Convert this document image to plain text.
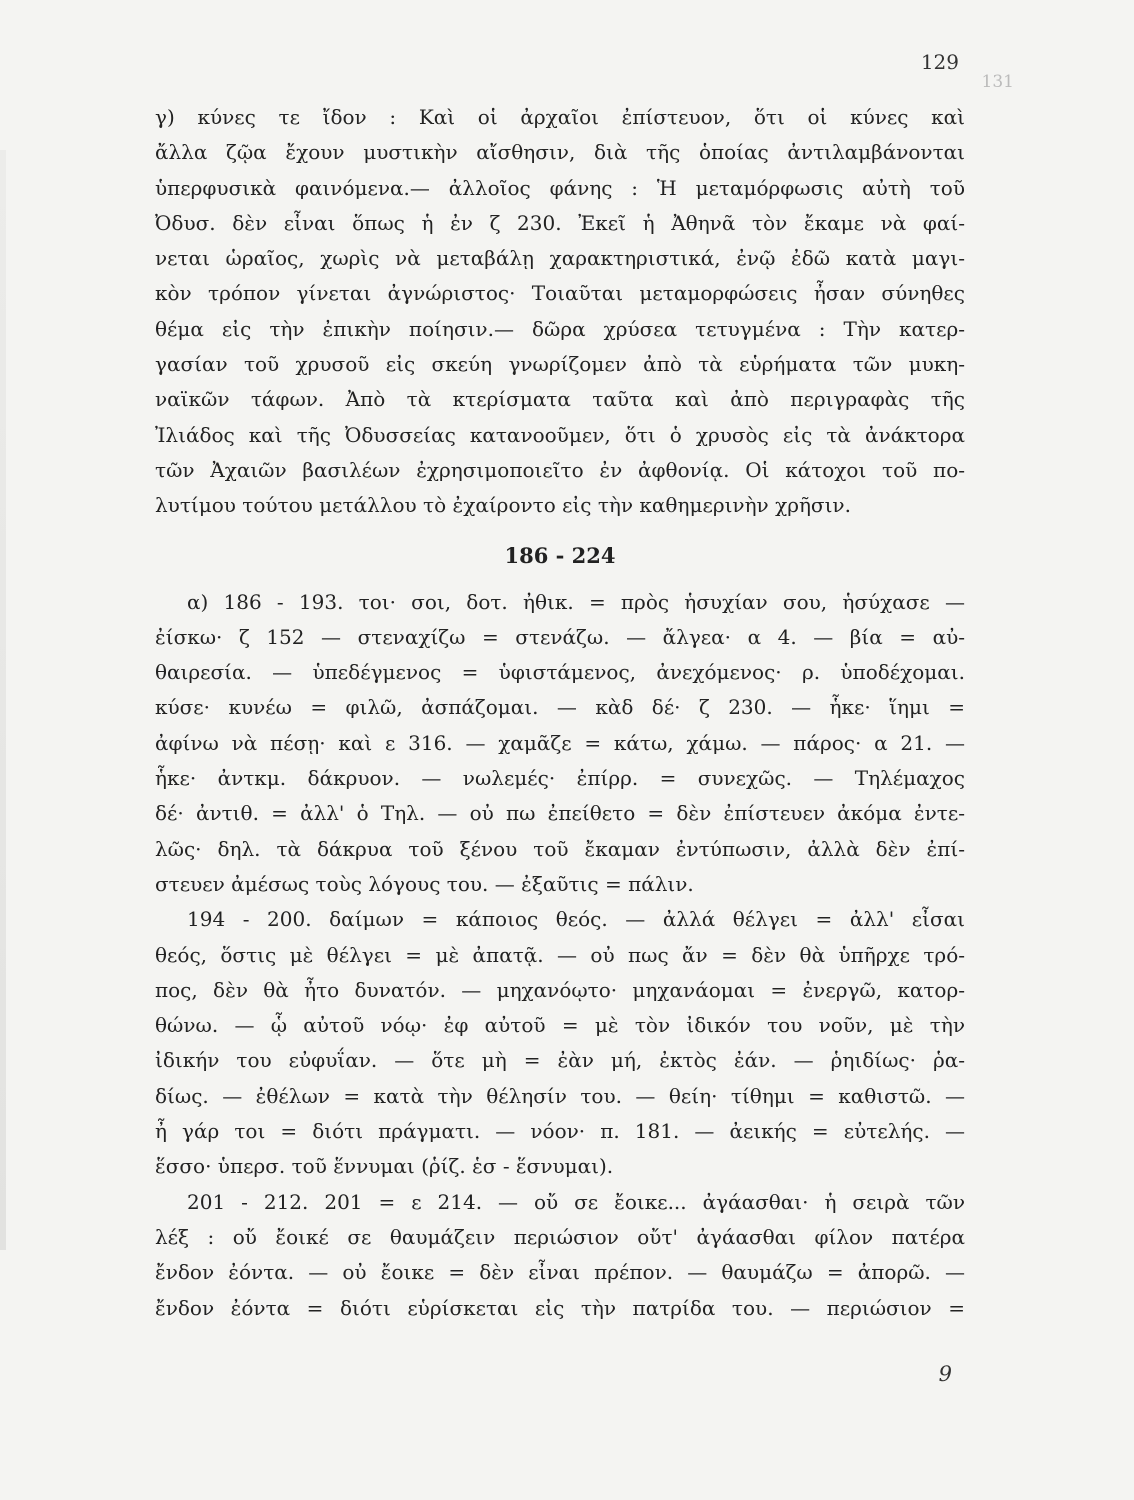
129
131
γ) κύνες τε ἴδον : Καὶ οἱ ἀρχαῖοι ἐπίστευον, ὅτι οἱ κύνες καὶ
ἄλλα ζῷα ἔχουν μυστικὴν αἴσθησιν, διὰ τῆς ὁποίας ἀντιλαμβάνονται
ὑπερφυσικὰ φαινόμενα.— ἀλλοῖος φάνης : Ἡ μεταμόρφωσις αὐτὴ τοῦ
Ὀδυσ. δὲν εἶναι ὅπως ἡ ἐν ζ 230. Ἐκεῖ ἡ Ἀθηνᾶ τὸν ἔκαμε νὰ φαί-
νεται ὡραῖος, χωρὶς νὰ μεταβάλῃ χαρακτηριστικά, ἐνῷ ἐδῶ κατὰ μαγι-
κὸν τρόπον γίνεται ἀγνώριστος· Τοιαῦται μεταμορφώσεις ἦσαν σύνηθες
θέμα εἰς τὴν ἐπικὴν ποίησιν.— δῶρα χρύσεα τετυγμένα : Τὴν κατερ-
γασίαν τοῦ χρυσοῦ εἰς σκεύη γνωρίζομεν ἀπὸ τὰ εὑρήματα τῶν μυκη-
ναϊκῶν τάφων. Ἀπὸ τὰ κτερίσματα ταῦτα καὶ ἀπὸ περιγραφὰς τῆς
Ἰλιάδος καὶ τῆς Ὀδυσσείας κατανοοῦμεν, ὅτι ὁ χρυσὸς εἰς τὰ ἀνάκτορα
τῶν Ἀχαιῶν βασιλέων ἐχρησιμοποιεῖτο ἐν ἀφθονίᾳ. Οἱ κάτοχοι τοῦ πο-
λυτίμου τούτου μετάλλου τὸ ἐχαίροντο εἰς τὴν καθημερινὴν χρῆσιν.
186 - 224
α) 186 - 193. τοι· σοι, δοτ. ἠθικ. = πρὸς ἡσυχίαν σου, ἡσύχασε —
ἐίσκω· ζ 152 — στεναχίζω = στενάζω. — ἄλγεα· α 4. — βία = αὐ-
θαιρεσία. — ὑπεδέγμενος = ὑφιστάμενος, ἀνεχόμενος· ρ. ὑποδέχομαι.
κύσε· κυνέω = φιλῶ, ἀσπάζομαι. — κὰδ δέ· ζ 230. — ἧκε· ἵημι =
ἀφίνω νὰ πέσῃ· καὶ ε 316. — χαμᾶζε = κάτω, χάμω. — πάρος· α 21. —
ἧκε· ἀντκμ. δάκρυον. — νωλεμές· ἐπίρρ. = συνεχῶς. — Τηλέμαχος
δέ· ἀντιθ. = ἀλλ' ὁ Τηλ. — οὐ πω ἐπείθετο = δὲν ἐπίστευεν ἀκόμα ἐντε-
λῶς· δηλ. τὰ δάκρυα τοῦ ξένου τοῦ ἔκαμαν ἐντύπωσιν, ἀλλὰ δὲν ἐπί-
στευεν ἀμέσως τοὺς λόγους του. — ἐξαῦτις = πάλιν.
194 - 200. δαίμων = κάποιος θεός. — ἀλλά θέλγει = ἀλλ' εἶσαι
θεός, ὅστις μὲ θέλγει = μὲ ἀπατᾷ. — οὐ πως ἄν = δὲν θὰ ὑπῆρχε τρό-
πος, δὲν θὰ ἦτο δυνατόν. — μηχανόῳτο· μηχανάομαι = ἐνεργῶ, κατορ-
θώνω. — ᾧ αὐτοῦ νόῳ· ἐφ αὐτοῦ = μὲ τὸν ἰδικόν του νοῦν, μὲ τὴν
ἰδικήν του εὐφυΐαν. — ὅτε μὴ = ἐὰν μή, ἐκτὸς ἐάν. — ῥηιδίως· ῥα-
δίως. — ἐθέλων = κατὰ τὴν θέλησίν του. — θείη· τίθημι = καθιστῶ. —
ἦ γάρ τοι = διότι πράγματι. — νόον· π. 181. — ἀεικής = εὐτελής. —
ἕσσο· ὑπερσ. τοῦ ἕννυμαι (ῥίζ. ἑσ - ἕσνυμαι).
201 - 212. 201 = ε 214. — οὔ σε ἔοικε... ἀγάασθαι· ἡ σειρὰ τῶν
λέξ : οὔ ἔοικέ σε θαυμάζειν περιώσιον οὔτ' ἀγάασθαι φίλον πατέρα
ἔνδον ἐόντα. — οὐ ἔοικε = δὲν εἶναι πρέπον. — θαυμάζω = ἀπορῶ. —
ἔνδον ἐόντα = διότι εὑρίσκεται εἰς τὴν πατρίδα του. — περιώσιον =
9
